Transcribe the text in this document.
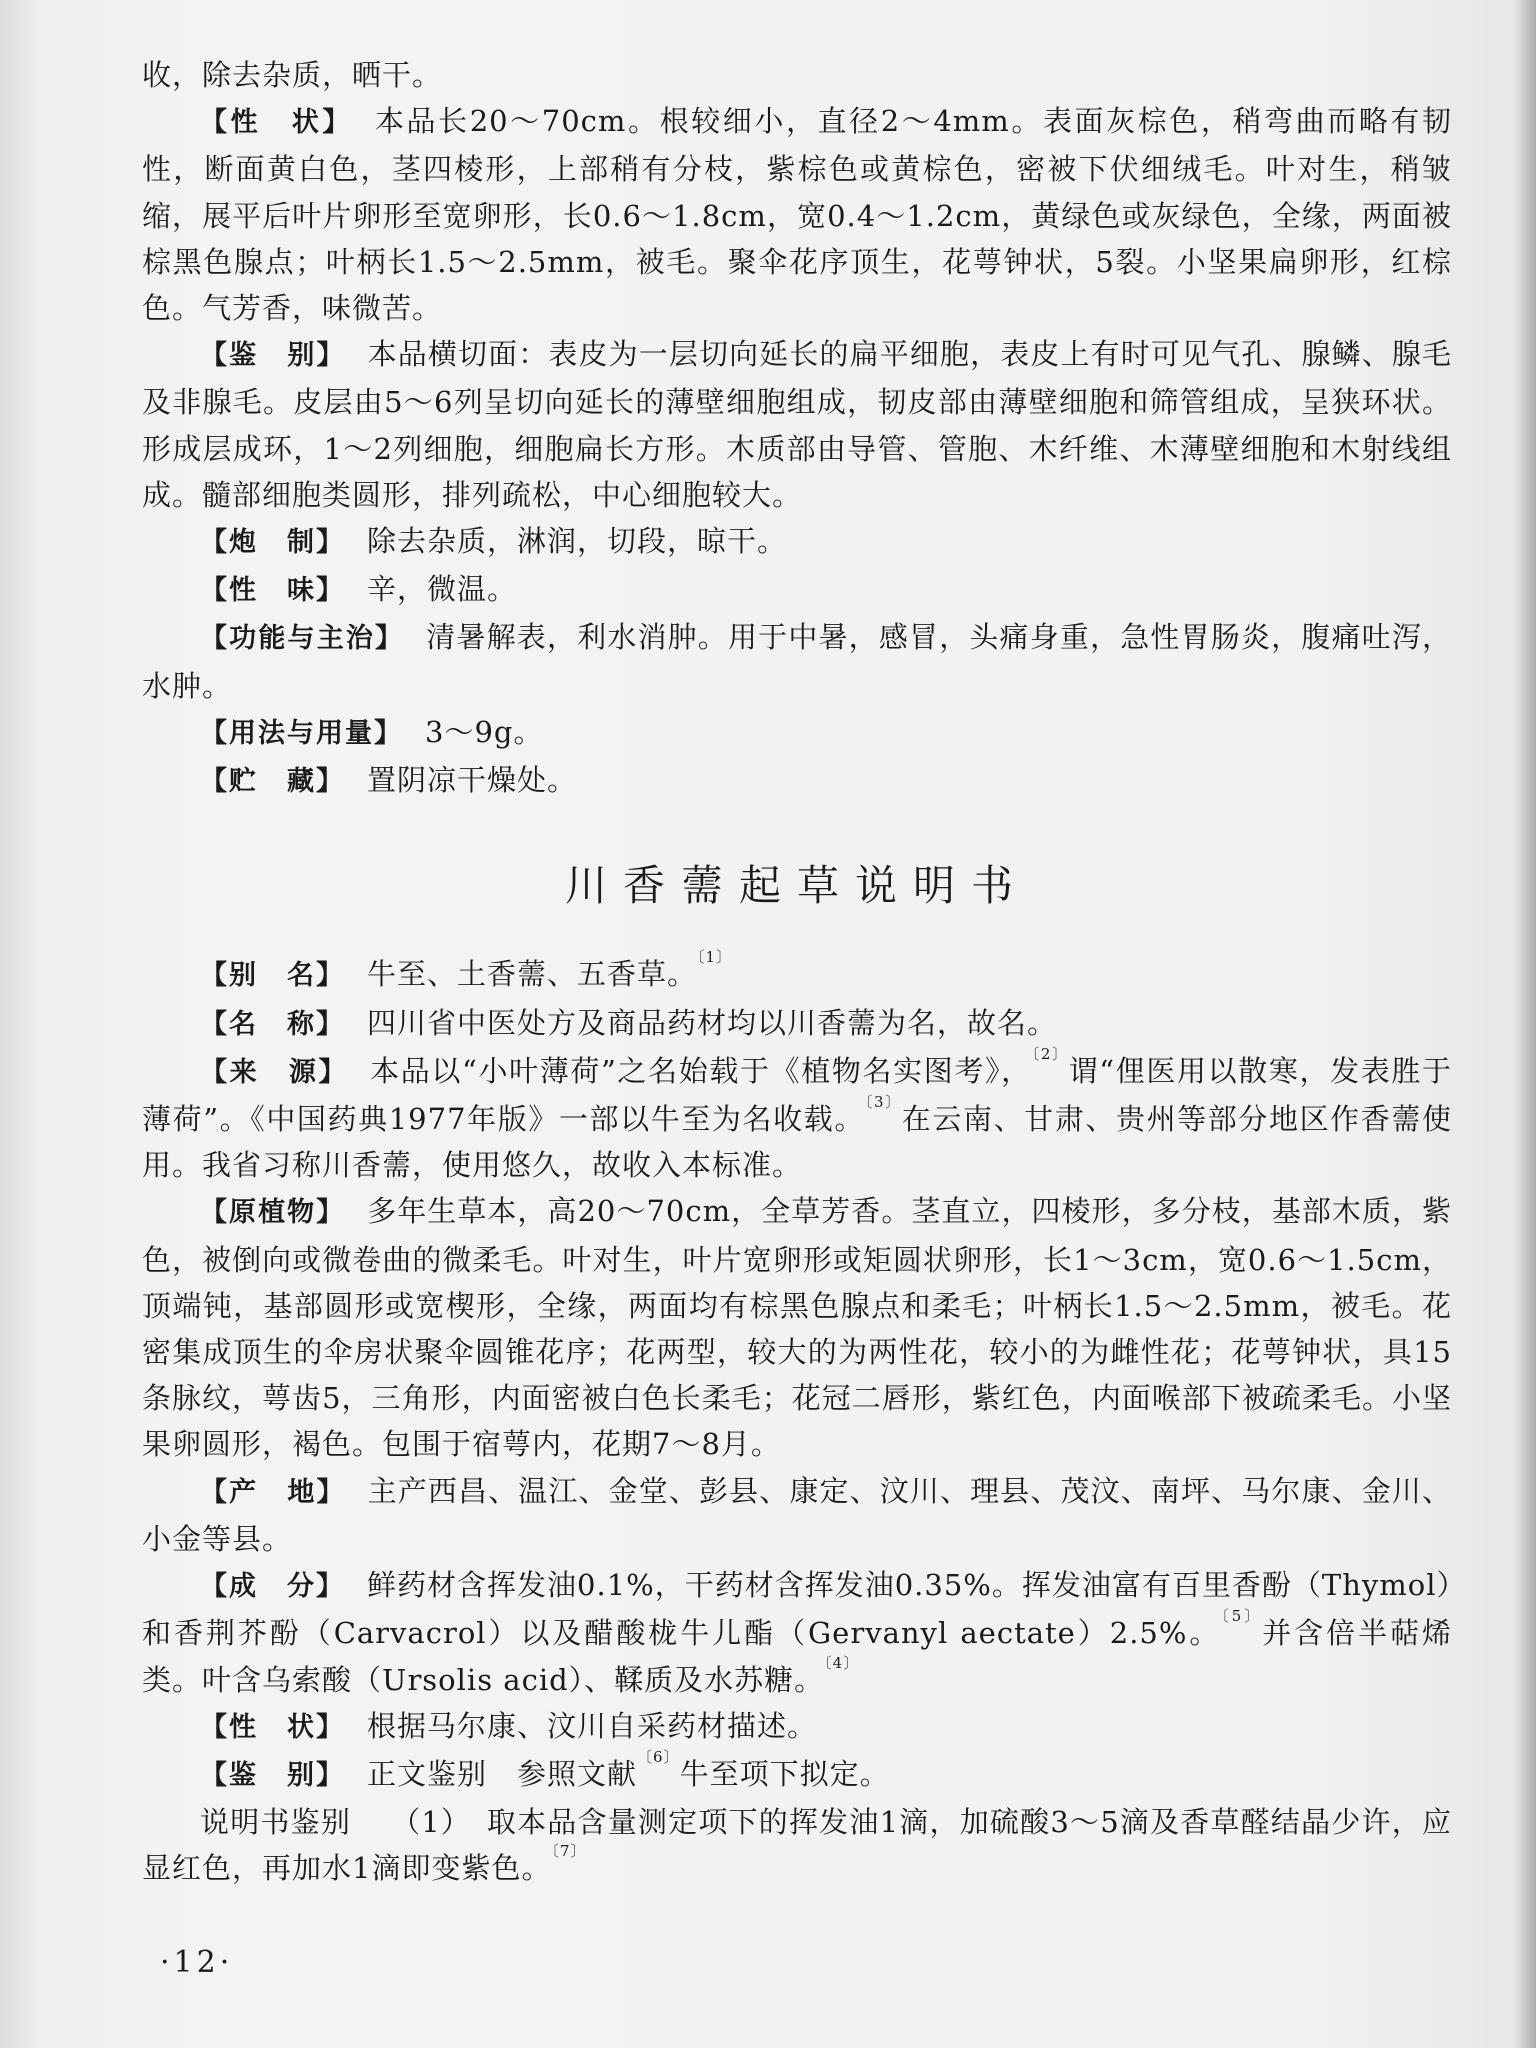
收，除去杂质，晒干。

【性　状】 本品长20～70cm。根较细小，直径2～4mm。表面灰棕色，稍弯曲而略有韧性，断面黄白色，茎四棱形，上部稍有分枝，紫棕色或黄棕色，密被下伏细绒毛。叶对生，稍皱缩，展平后叶片卵形至宽卵形，长0.6～1.8cm，宽0.4～1.2cm，黄绿色或灰绿色，全缘，两面被棕黑色腺点；叶柄长1.5～2.5mm，被毛。聚伞花序顶生，花萼钟状，5裂。小坚果扁卵形，红棕色。气芳香，味微苦。

【鉴　别】 本品横切面：表皮为一层切向延长的扁平细胞，表皮上有时可见气孔、腺鳞、腺毛及非腺毛。皮层由5～6列呈切向延长的薄壁细胞组成，韧皮部由薄壁细胞和筛管组成，呈狭环状。形成层成环，1～2列细胞，细胞扁长方形。木质部由导管、管胞、木纤维、木薄壁细胞和木射线组成。髓部细胞类圆形，排列疏松，中心细胞较大。

【炮　制】 除去杂质，淋润，切段，晾干。

【性　味】 辛，微温。

【功能与主治】 清暑解表，利水消肿。用于中暑，感冒，头痛身重，急性胃肠炎，腹痛吐泻，水肿。

【用法与用量】 3～9g。

【贮　藏】 置阴凉干燥处。

川香薷起草说明书

【别　名】 牛至、土香薷、五香草。$^{〔1〕}$

【名　称】 四川省中医处方及商品药材均以川香薷为名，故名。

【来　源】 本品以“小叶薄荷”之名始载于《植物名实图考》，$^{〔2〕}$谓“俚医用以散寒，发表胜于薄荷”。《中国药典1977年版》一部以牛至为名收载。$^{〔3〕}$在云南、甘肃、贵州等部分地区作香薷使用。我省习称川香薷，使用悠久，故收入本标准。

【原植物】 多年生草本，高20～70cm，全草芳香。茎直立，四棱形，多分枝，基部木质，紫色，被倒向或微卷曲的微柔毛。叶对生，叶片宽卵形或矩圆状卵形，长1～3cm，宽0.6～1.5cm，顶端钝，基部圆形或宽楔形，全缘，两面均有棕黑色腺点和柔毛；叶柄长1.5～2.5mm，被毛。花密集成顶生的伞房状聚伞圆锥花序；花两型，较大的为两性花，较小的为雌性花；花萼钟状，具15条脉纹，萼齿5，三角形，内面密被白色长柔毛；花冠二唇形，紫红色，内面喉部下被疏柔毛。小坚果卵圆形，褐色。包围于宿萼内，花期7～8月。

【产　地】 主产西昌、温江、金堂、彭县、康定、汶川、理县、茂汶、南坪、马尔康、金川、小金等县。

【成　分】 鲜药材含挥发油0.1%，干药材含挥发油0.35%。挥发油富有百里香酚（Thymol）和香荆芥酚（Carvacrol）以及醋酸栊牛儿酯（Gervanyl aectate）2.5%。$^{〔5〕}$并含倍半萜烯类。叶含乌索酸（Ursolis acid）、鞣质及水苏糖。$^{〔4〕}$

【性　状】 根据马尔康、汶川自采药材描述。

【鉴　别】 正文鉴别　参照文献$^{〔6〕}$牛至项下拟定。

说明书鉴别 （1）　取本品含量测定项下的挥发油1滴，加硫酸3～5滴及香草醛结晶少许，应显红色，再加水1滴即变紫色。$^{〔7〕}$

·12·
